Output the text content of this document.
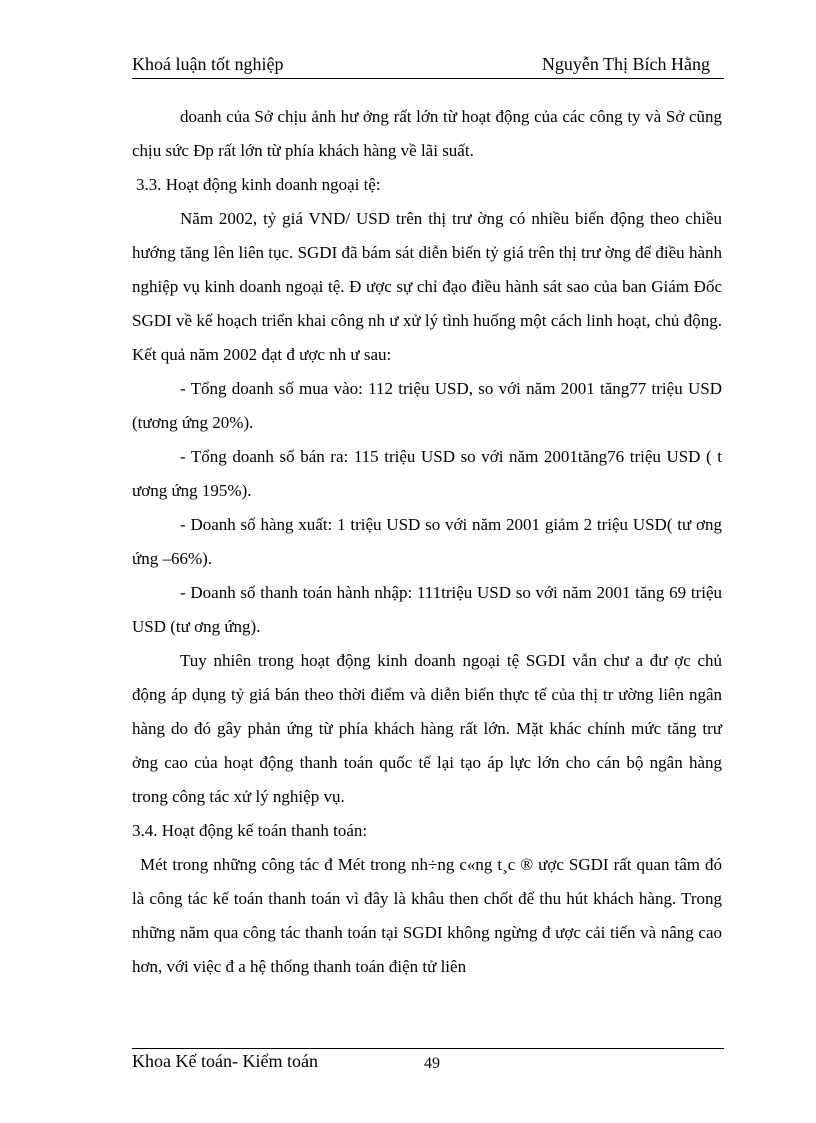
Khoá luận tốt nghiệp	Nguyễn Thị Bích Hằng

doanh của Sở chịu ảnh hư ởng rất lớn từ hoạt động của các công ty và Sở cũng chịu sức Ðp rất lớn từ phía khách hàng về lãi suất.

3.3. Hoạt động kinh doanh ngoại tệ:

Năm 2002, tỷ giá VND/ USD trên thị trư ờng có nhiều biến động theo chiều hướng tăng lên liên tục. SGDI đã bám sát diễn biến tỷ giá trên thị trư ờng để điều hành nghiệp vụ kinh doanh ngoại tệ. Đ ược sự chỉ đạo điều hành sát sao của ban Giám Đốc SGDI về kế hoạch triển khai công nh ư xử lý tình huống một cách linh hoạt, chủ động. Kết quả năm 2002 đạt đ ược nh ư sau:

- Tổng doanh số mua vào: 112 triệu USD, so với năm 2001 tăng77 triệu USD (tương ứng 20%).

- Tổng doanh số bán ra: 115 triệu USD so với năm 2001tăng76 triệu USD ( t ương ứng 195%).

- Doanh số hàng xuất: 1 triệu USD so với năm 2001 giảm 2 triệu USD( tư ơng ứng –66%).

- Doanh số thanh toán hành nhập: 111triệu USD so với năm 2001 tăng 69 triệu USD (tư ơng ứng).

Tuy nhiên trong hoạt động kinh doanh ngoại tệ SGDI vẫn chư a đư ợc chủ động áp dụng tỷ giá bán theo thời điểm và diễn biến thực tế của thị tr ường liên ngân hàng do đó gây phản ứng từ phía khách hàng rất lớn. Mặt khác chính mức tăng trư ởng cao của hoạt động thanh toán quốc tế lại tạo áp lực lớn cho cán bộ ngân hàng trong công tác xử lý nghiệp vụ.

3.4. Hoạt động kế toán thanh toán:

Mét trong những công tác đ Mét trong nh÷ng c«ng t¸c ® ược SGDI rất quan tâm đó là công tác kế toán thanh toán vì đây là khâu then chốt để thu hút khách hàng. Trong những năm qua công tác thanh toán tại SGDI không ngừng đ ược cải tiến và nâng cao hơn, với việc đ a hệ thống thanh toán điện tử liên

Khoa Kế toán- Kiểm toán	49
